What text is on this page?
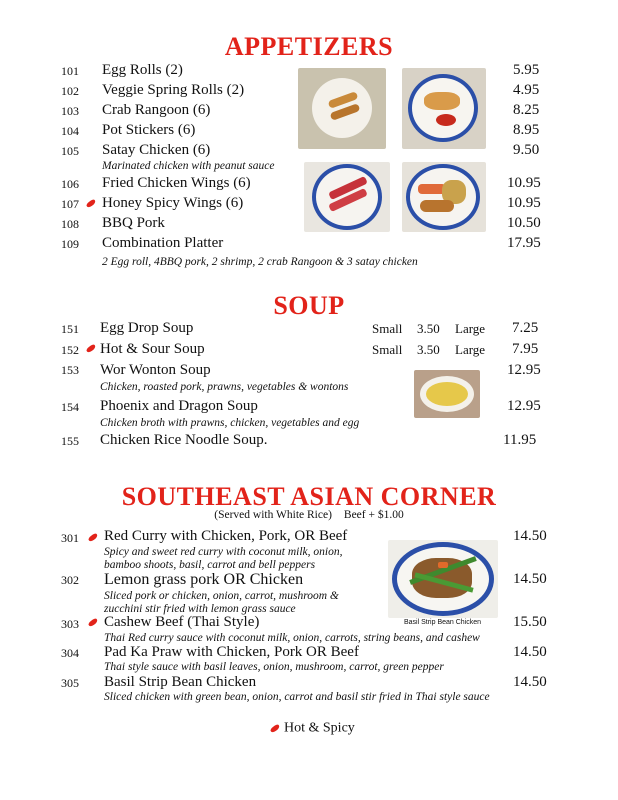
APPETIZERS
101 Egg Rolls (2)	5.95
102 Veggie Spring Rolls (2)	4.95
103 Crab Rangoon (6)	8.25
104 Pot Stickers (6)	8.95
105 Satay Chicken (6)	9.50
Marinated chicken with peanut sauce
106 Fried Chicken Wings (6)	10.95
107 Honey Spicy Wings (6)	10.95
108 BBQ Pork	10.50
109 Combination Platter	17.95
2 Egg roll, 4BBQ pork, 2 shrimp, 2 crab Rangoon & 3 satay chicken
SOUP
151 Egg Drop Soup	Small 3.50 Large 7.25
152 Hot & Sour Soup	Small 3.50 Large 7.95
153 Wor Wonton Soup	12.95
Chicken, roasted pork, prawns, vegetables & wontons
154 Phoenix and Dragon Soup	12.95
Chicken broth with prawns, chicken, vegetables and egg
155 Chicken Rice Noodle Soup.	11.95
SOUTHEAST ASIAN CORNER
(Served with White Rice) Beef + $1.00
301 Red Curry with Chicken, Pork, OR Beef	14.50
Spicy and sweet red curry with coconut milk, onion,
bamboo shoots, basil, carrot and bell peppers
302 Lemon grass pork OR Chicken	14.50
Sliced pork or chicken, onion, carrot, mushroom &
zucchini stir fried with lemon grass sauce
303 Cashew Beef (Thai Style)	15.50
Thai Red curry sauce with coconut milk, onion, carrots, string beans, and cashew
304 Pad Ka Praw with Chicken, Pork OR Beef	14.50
Thai style sauce with basil leaves, onion, mushroom, carrot, green pepper
305 Basil Strip Bean Chicken	14.50
Sliced chicken with green bean, onion, carrot and basil stir fried in Thai style sauce
Basil Strip Bean Chicken
Hot & Spicy
